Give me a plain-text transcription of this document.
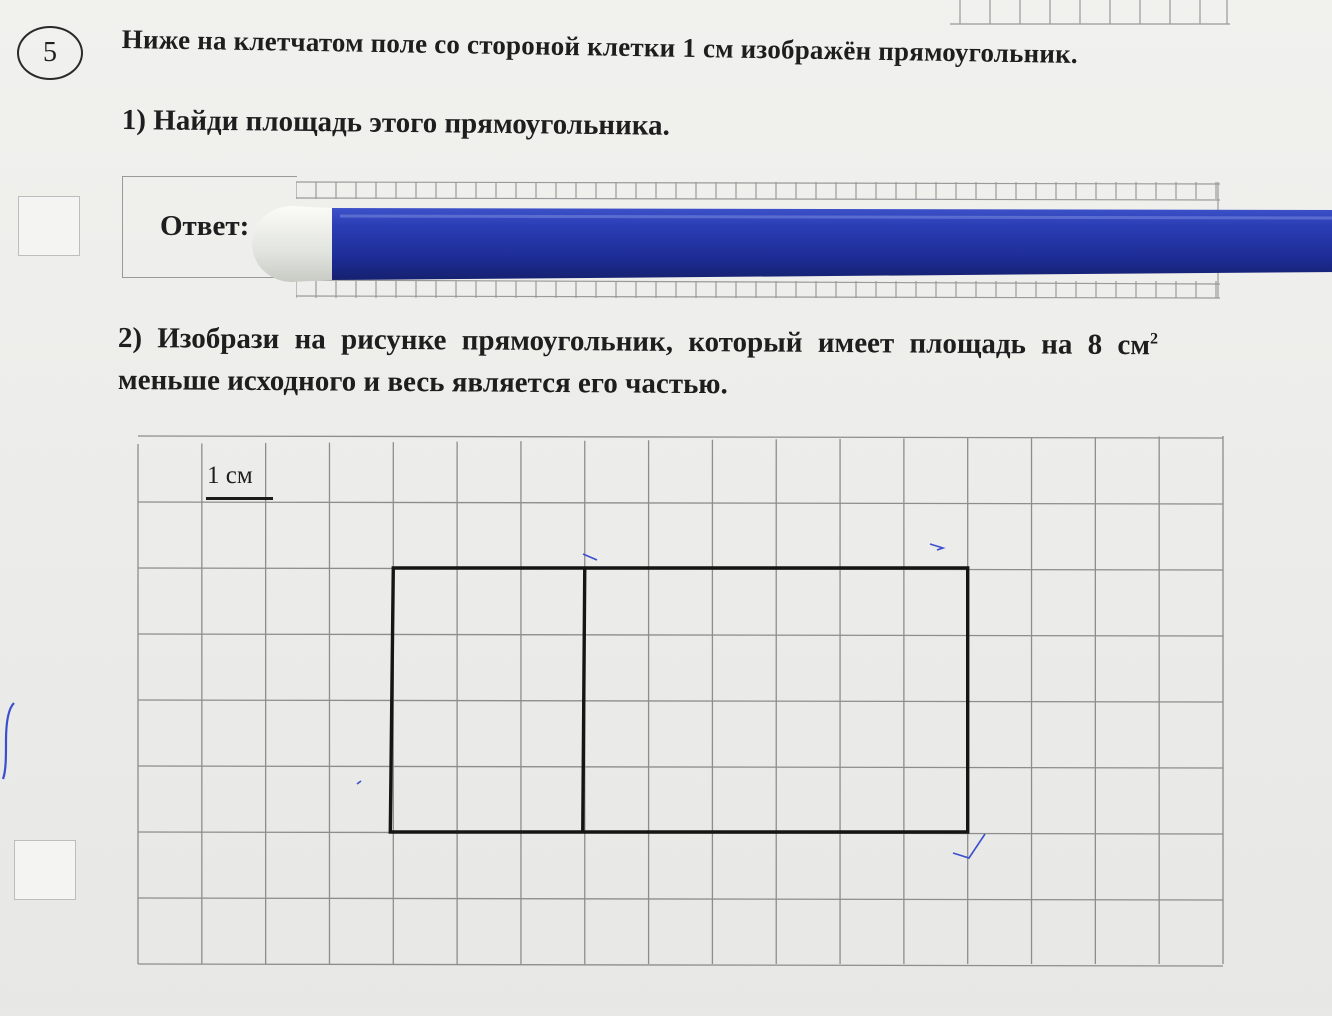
5	Ниже на клетчатом поле со стороной клетки 1 см изображён прямоугольник.
1) Найди площадь этого прямоугольника.
Ответ:
2) Изобрази на рисунке прямоугольник, который имеет площадь на 8 $см^2$
меньше исходного и весь является его частью.
1 см
